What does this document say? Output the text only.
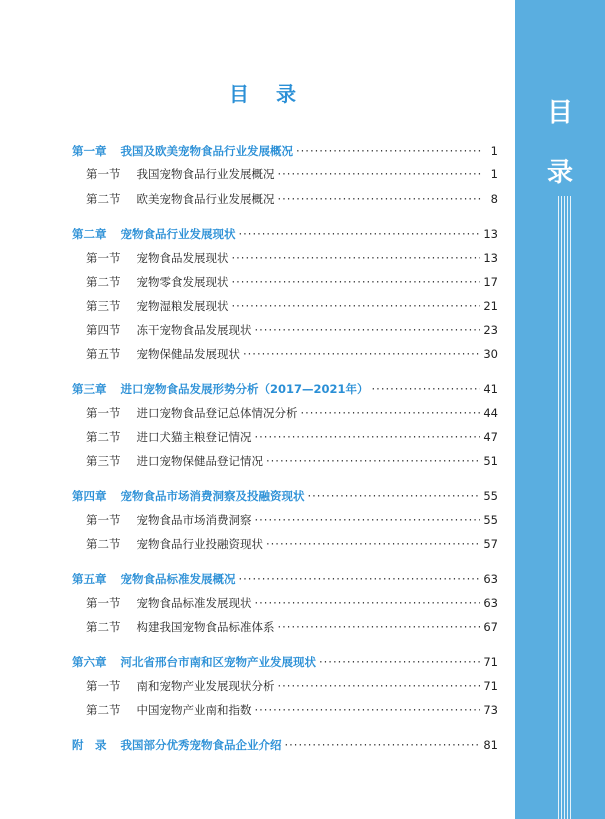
目
录
目 录
第一章 我国及欧美宠物食品行业发展概况 ·····	1
第一节 我国宠物食品行业发展概况 ·····	1
第二节 欧美宠物食品行业发展概况 ·····	8
第二章 宠物食品行业发展现状 ·····	13
第一节 宠物食品发展现状 ·····	13
第二节 宠物零食发展现状 ·····	17
第三节 宠物湿粮发展现状 ·····	21
第四节 冻干宠物食品发展现状 ·····	23
第五节 宠物保健品发展现状 ·····	30
第三章 进口宠物食品发展形势分析（2017—2021年） ·····	41
第一节 进口宠物食品登记总体情况分析 ·····	44
第二节 进口犬猫主粮登记情况 ·····	47
第三节 进口宠物保健品登记情况 ·····	51
第四章 宠物食品市场消费洞察及投融资现状 ·····	55
第一节 宠物食品市场消费洞察 ·····	55
第二节 宠物食品行业投融资现状 ·····	57
第五章 宠物食品标准发展概况 ·····	63
第一节 宠物食品标准发展现状 ·····	63
第二节 构建我国宠物食品标准体系 ·····	67
第六章 河北省邢台市南和区宠物产业发展现状 ·····	71
第一节 南和宠物产业发展现状分析 ·····	71
第二节 中国宠物产业南和指数 ·····	73
附　录 我国部分优秀宠物食品企业介绍 ·····	81
